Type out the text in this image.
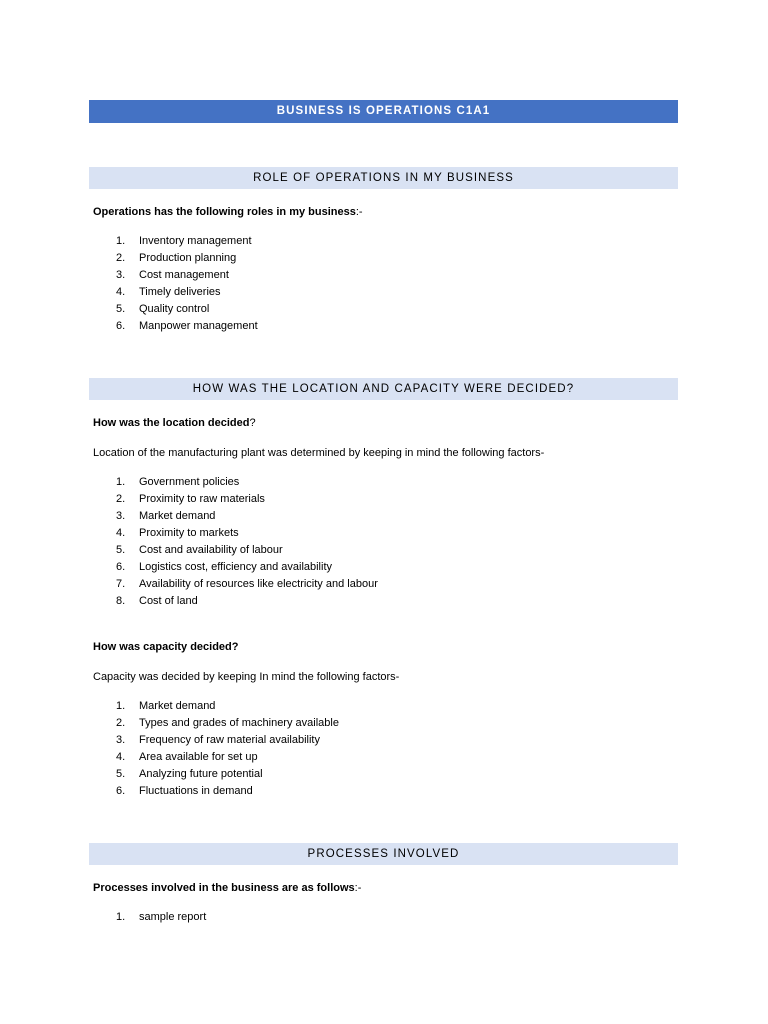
BUSINESS IS OPERATIONS C1A1
ROLE OF OPERATIONS IN MY BUSINESS

Operations has the following roles in my business:-

1.	Inventory management
2.	Production planning
3.	Cost management
4.	Timely deliveries
5.	Quality control
6.	Manpower management
HOW WAS THE LOCATION AND CAPACITY WERE DECIDED?

How was the location decided?

Location of the manufacturing plant was determined by keeping in mind the following factors-

1.	Government policies
2.	Proximity to raw materials
3.	Market demand
4.	Proximity to markets
5.	Cost and availability of labour
6.	Logistics cost, efficiency and availability
7.	Availability of resources like electricity and labour
8.	Cost of land

How was capacity decided?

Capacity was decided by keeping In mind the following factors-

1.	Market demand
2.	Types and grades of machinery available
3.	Frequency of raw material availability
4.	Area available for set up
5.	Analyzing future potential
6.	Fluctuations in demand
PROCESSES INVOLVED

Processes involved in the business are as follows:-

1.	sample report
